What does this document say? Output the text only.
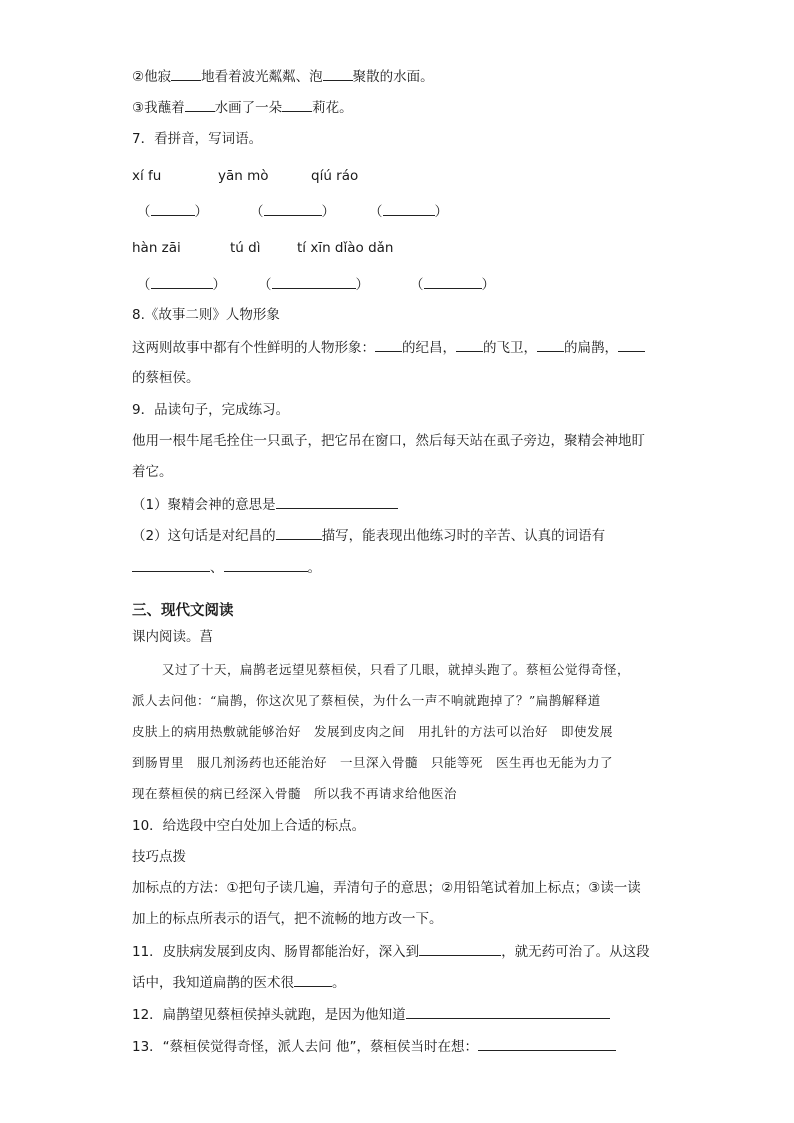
②他寂 地看着波光粼粼、泡 聚散的水面。
③我蘸着 水画了一朵 莉花。
7．看拼音，写词语。
xí fu	yān mò	qíú ráo
（	）	（	）	（	）
hàn zāi	tú dì	tí xīn dǐào dǎn
（	） （	）	（	）
8.《故事二则》人物形象
这两则故事中都有个性鲜明的人物形象： 的纪昌， 的飞卫， 的扁鹊，
的蔡桓侯。
9．品读句子，完成练习。
他用一根牛尾毛拴住一只虱子，把它吊在窗口，然后每天站在虱子旁边，聚精会神地盯
着它。
（1）聚精会神的意思是
（2）这句话是对纪昌的	描写，能表现出他练习时的辛苦、认真的词语有
、	。
三、现代文阅读
课内阅读。菖
又过了十天，扁鹊老远望见蔡桓侯，只看了几眼，就掉头跑了。蔡桓公觉得奇怪，
派人去问他：“扁鹊，你这次见了蔡桓侯，为什么一声不响就跑掉了？”扁鹊解释道
皮肤上的病用热敷就能够治好　发展到皮肉之间　用扎针的方法可以治好　即使发展
到肠胃里　服几剂汤药也还能治好　一旦深入骨髓　只能等死　医生再也无能为力了
现在蔡桓侯的病已经深入骨髓　所以我不再请求给他医治
10．给选段中空白处加上合适的标点。
技巧点拨
加标点的方法：①把句子读几遍，弄清句子的意思；②用铅笔试着加上标点；③读一读
加上的标点所表示的语气，把不流畅的地方改一下。
11．皮肤病发展到皮肉、肠胃都能治好，深入到	，就无药可治了。从这段
话中，我知道扁鹊的医术很	。
12．扁鹊望见蔡桓侯掉头就跑，是因为他知道
13．“蔡桓侯觉得奇怪，派人去问 他”，蔡桓侯当时在想：
